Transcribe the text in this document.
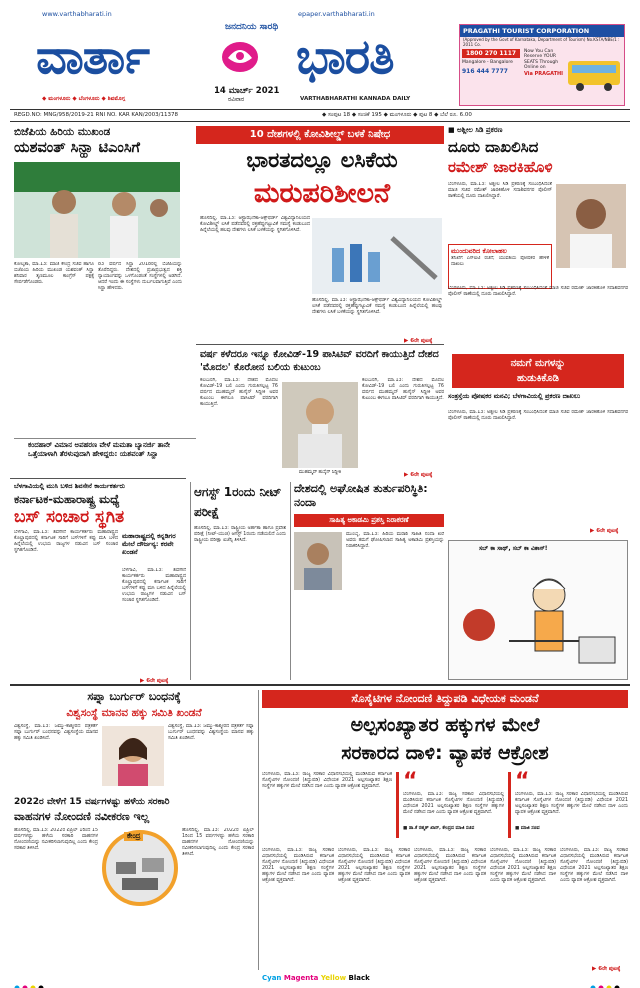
www.varthabharati.in	epaper.varthabharati.in
ಜನದನಿಯ ಸಾರಥಿ
ವಾರ್ತಾ	ಭಾರತಿ
14 ಮಾರ್ಚ್ 2021
ರವಿವಾರ
◆ ಮಂಗಳೂರು ◆ ಬೆಂಗಳೂರು ◆ ಶಿವಮೊಗ್ಗ	VARTHABHARATHI KANNADA DAILY
PRAGATHI TOURIST CORPORATION
(Approved by the Govt of Karnataka, Department of Tourism) No.KSTA/NBE/1 : 2011 Co.
1800 270 1117
Mangalore - Bangalore
916 444 7777
Now You Can Reserve YOUR SEATS Through Online on
Via PRAGATHI
REGD.NO: MNG/958/2019-21 RNI NO. KAR KAN/2003/11378	◆ ಸಂಪುಟ 18 ◆ ಸಂಚಿಕೆ 195 ◆ ಮಂಗಳೂರು ◆ ಪುಟ 8 ◆ ಬೆಲೆ ರೂ. 6.00
ಬಿಜೆಪಿಯ ಹಿರಿಯ ಮುಖಂಡ
ಯಶವಂತ್ ಸಿನ್ಹಾ ಟಿಎಂಸಿಗೆ
ಕೋಲ್ಕತಾ, ಮಾ.13: ಮಾಜಿ ಕೇಂದ್ರ ಸಚಿವ ಹಾಗೂ ಬಿಜೆಪಿಯ ಹಿರಿಯ ಮುಖಂಡ ಯಶವಂತ್ ಸಿನ್ಹಾ ಶನಿವಾರ ತೃಣಮೂಲ ಕಾಂಗ್ರೆಸ್ ಪಕ್ಷಕ್ಕೆ ಸೇರ್ಪಡೆಗೊಂಡರು.
83 ವರ್ಷದ ಸಿನ್ಹಾ 2018ರಲ್ಲಿ ಬಿಜೆಪಿಯನ್ನು ತೊರೆದಿದ್ದರು. ದೇಶದಲ್ಲಿ ಪ್ರಜಾಪ್ರಭುತ್ವದ ಶಕ್ತಿ ನ್ಯಾಯಾಂಗವನ್ನು ಒಳಗೊಂಡಂತೆ ಸಂಸ್ಥೆಗಳಲ್ಲಿ ಅಡಗಿದೆ. ಆದರೆ ಇಂದು ಈ ಸಂಸ್ಥೆಗಳು ದುರ್ಬಲವಾಗುತ್ತಿವೆ ಎಂದು ಸಿನ್ಹಾ ಹೇಳಿದರು.
ಕಂದಹಾರ್ ವಿಮಾನ ಅಪಹರಣ ವೇಳೆ ಮಮತಾ ಬ್ಯಾನರ್ಜಿ ತಾನೇ ಒತ್ತೆಯಾಳಾಗಿ ತೆರಳುವುದಾಗಿ ಹೇಳಿದ್ದರು: ಯಶವಂತ್ ಸಿನ್ಹಾ
10 ದೇಶಗಳಲ್ಲಿ ಕೋವಿಶೀಲ್ಡ್ ಬಳಕೆ ನಿಷೇಧ
ಭಾರತದಲ್ಲೂ ಲಸಿಕೆಯ
ಮರುಪರಿಶೀಲನೆ
ಹೊಸದಿಲ್ಲಿ, ಮಾ.13: ಆಸ್ಟ್ರಾಝೆನೆಕಾ-ಆಕ್ಸ್‌ಫರ್ಡ್ ವಿಶ್ವವಿದ್ಯಾನಿಲಯದ ಕೋವಿಶೀಲ್ಡ್ ಲಸಿಕೆ ಪಡೆದವರಲ್ಲಿ ರಕ್ತಹೆಪ್ಪುಗಟ್ಟುವಿಕೆ ಸಮಸ್ಯೆ ಕಂಡುಬಂದ ಹಿನ್ನೆಲೆಯಲ್ಲಿ ಹಲವು ದೇಶಗಳು ಲಸಿಕೆ ಬಳಕೆಯನ್ನು ಸ್ಥಗಿತಗೊಳಿಸಿವೆ.
ಹೊಸದಿಲ್ಲಿ, ಮಾ.13: ಆಸ್ಟ್ರಾಝೆನೆಕಾ-ಆಕ್ಸ್‌ಫರ್ಡ್ ವಿಶ್ವವಿದ್ಯಾನಿಲಯದ ಕೋವಿಶೀಲ್ಡ್ ಲಸಿಕೆ ಪಡೆದವರಲ್ಲಿ ರಕ್ತಹೆಪ್ಪುಗಟ್ಟುವಿಕೆ ಸಮಸ್ಯೆ ಕಂಡುಬಂದ ಹಿನ್ನೆಲೆಯಲ್ಲಿ ಹಲವು ದೇಶಗಳು ಲಸಿಕೆ ಬಳಕೆಯನ್ನು ಸ್ಥಗಿತಗೊಳಿಸಿವೆ.
▶ 6ರೇ ಪುಟಕ್ಕೆ
■ ಅಶ್ಲೀಲ ಸಿಡಿ ಪ್ರಕರಣ
ದೂರು ದಾಖಲಿಸಿದ
ರಮೇಶ್ ಜಾರಕಿಹೊಳಿ
ಬೆಂಗಳೂರು, ಮಾ.13: ಅಶ್ಲೀಲ ಸಿಡಿ ಪ್ರಕರಣಕ್ಕೆ ಸಂಬಂಧಿಸಿದಂತೆ ಮಾಜಿ ಸಚಿವ ರಮೇಶ್ ಜಾರಕಿಹೊಳಿ ಸದಾಶಿವನಗರ ಪೊಲೀಸ್ ಠಾಣೆಯಲ್ಲಿ ದೂರು ದಾಖಲಿಸಿದ್ದಾರೆ.
ಮುಂದುವರಿದ ಕೋಲಾಹಲ
ತನಿಖೆಗೆ ಎಸ್‌ಐಟಿ ರಚನೆ; ಯುವತಿಯ ಪೋಷಕರ ಹೇಳಿಕೆ ದಾಖಲು
ಬೆಂಗಳೂರು, ಮಾ.13: ಅಶ್ಲೀಲ ಸಿಡಿ ಪ್ರಕರಣಕ್ಕೆ ಸಂಬಂಧಿಸಿದಂತೆ ಮಾಜಿ ಸಚಿವ ರಮೇಶ್ ಜಾರಕಿಹೊಳಿ ಸದಾಶಿವನಗರ ಪೊಲೀಸ್ ಠಾಣೆಯಲ್ಲಿ ದೂರು ದಾಖಲಿಸಿದ್ದಾರೆ.
ನಮಗೆ ಮಗಳನ್ನು
ಹುಡುಕಿಕೊಡಿ
ಸಂತ್ರಸ್ತೆಯ ಪೋಷಕರ ಮನವಿ; ಬೆಳಗಾವಿಯಲ್ಲಿ ಪ್ರಕರಣ ದಾಖಲು
ಬೆಂಗಳೂರು, ಮಾ.13: ಅಶ್ಲೀಲ ಸಿಡಿ ಪ್ರಕರಣಕ್ಕೆ ಸಂಬಂಧಿಸಿದಂತೆ ಮಾಜಿ ಸಚಿವ ರಮೇಶ್ ಜಾರಕಿಹೊಳಿ ಸದಾಶಿವನಗರ ಪೊಲೀಸ್ ಠಾಣೆಯಲ್ಲಿ ದೂರು ದಾಖಲಿಸಿದ್ದಾರೆ.
▶ 6ರೇ ಪುಟಕ್ಕೆ
ವರ್ಷ ಕಳೆದರೂ ಇನ್ನೂ ಕೋವಿಡ್-19 ಪಾಸಿಟಿವ್ ವರದಿಗೆ ಕಾಯುತ್ತಿದೆ ದೇಶದ 'ಮೊದಲ' ಕೊರೋನ ಬಲಿಯ ಕುಟುಂಬ
ಕಲಬುರಗಿ, ಮಾ.13: ದೇಶದ ಮೊದಲ ಕೋವಿಡ್-19 ಬಲಿ ಎಂದು ಗುರುತಿಸಲ್ಪಟ್ಟ 76 ವರ್ಷದ ಮುಹಮ್ಮದ್ ಹುಸೈನ್ ಸಿದ್ದೀಕಿ ಅವರ ಕುಟುಂಬ ಈಗಲೂ ಪಾಸಿಟಿವ್ ವರದಿಗಾಗಿ ಕಾಯುತ್ತಿದೆ.
ಮುಹಮ್ಮದ್ ಹುಸೈನ್ ಸಿದ್ದೀಕಿ
ಕಲಬುರಗಿ, ಮಾ.13: ದೇಶದ ಮೊದಲ ಕೋವಿಡ್-19 ಬಲಿ ಎಂದು ಗುರುತಿಸಲ್ಪಟ್ಟ 76 ವರ್ಷದ ಮುಹಮ್ಮದ್ ಹುಸೈನ್ ಸಿದ್ದೀಕಿ ಅವರ ಕುಟುಂಬ ಈಗಲೂ ಪಾಸಿಟಿವ್ ವರದಿಗಾಗಿ ಕಾಯುತ್ತಿದೆ.
▶ 6ರೇ ಪುಟಕ್ಕೆ
ಬೆಳಗಾವಿಯಲ್ಲಿ ಮುಸಿ ಬಳಿದ ಶಿವಸೇನೆ ಕಾರ್ಯಕರ್ತರು
ಕರ್ನಾಟಕ-ಮಹಾರಾಷ್ಟ್ರ ಮಧ್ಯೆ
ಬಸ್ ಸಂಚಾರ ಸ್ಥಗಿತ
ಬೆಳಗಾವಿ, ಮಾ.13: ಶಿವಸೇನೆ ಕಾರ್ಯಕರ್ತರು ಮಹಾರಾಷ್ಟ್ರದ ಕೊಲ್ಹಾಪುರದಲ್ಲಿ ಕರ್ನಾಟಕ ಸಾರಿಗೆ ಬಸ್‌ಗಳಿಗೆ ಕಪ್ಪು ಮಸಿ ಬಳಿದ ಹಿನ್ನೆಲೆಯಲ್ಲಿ ಉಭಯ ರಾಜ್ಯಗಳ ನಡುವಿನ ಬಸ್ ಸಂಚಾರ ಸ್ಥಗಿತಗೊಂಡಿದೆ.
ಮಹಾರಾಷ್ಟ್ರದಲ್ಲಿ ಕನ್ನಡಿಗರ ಮೇಲೆ ದೌರ್ಜನ್ಯ: ಕರವೇ ಖಂಡನೆ
ಬೆಳಗಾವಿ, ಮಾ.13: ಶಿವಸೇನೆ ಕಾರ್ಯಕರ್ತರು ಮಹಾರಾಷ್ಟ್ರದ ಕೊಲ್ಹಾಪುರದಲ್ಲಿ ಕರ್ನಾಟಕ ಸಾರಿಗೆ ಬಸ್‌ಗಳಿಗೆ ಕಪ್ಪು ಮಸಿ ಬಳಿದ ಹಿನ್ನೆಲೆಯಲ್ಲಿ ಉಭಯ ರಾಜ್ಯಗಳ ನಡುವಿನ ಬಸ್ ಸಂಚಾರ ಸ್ಥಗಿತಗೊಂಡಿದೆ.
▶ 6ರೇ ಪುಟಕ್ಕೆ
ಆಗಸ್ಟ್ 1ರಂದು ನೀಟ್ ಪರೀಕ್ಷೆ
ಹೊಸದಿಲ್ಲಿ, ಮಾ.13: ರಾಷ್ಟ್ರೀಯ ಅರ್ಹತಾ ಹಾಗೂ ಪ್ರವೇಶ ಪರೀಕ್ಷೆ (ನೀಟ್-ಯುಜಿ) ಆಗಸ್ಟ್ 1ರಂದು ನಡೆಯಲಿದೆ ಎಂದು ರಾಷ್ಟ್ರೀಯ ಪರೀಕ್ಷಾ ಏಜೆನ್ಸಿ ತಿಳಿಸಿದೆ.
ದೇಶದಲ್ಲಿ ಅಘೋಷಿತ ತುರ್ತುಪರಿಸ್ಥಿತಿ: ನಂದಾ
ಸಾಹಿತ್ಯ ಅಕಾಡಮಿ ಪ್ರಶಸ್ತಿ ನಿರಾಕರಣೆ
ಮುಂಬೈ, ಮಾ.13: ಹಿರಿಯ ಮರಾಠಿ ಸಾಹಿತಿ ನಂದಾ ಖರೆ ಅವರು ತಮಗೆ ಘೋಷಿಸಲಾದ ಸಾಹಿತ್ಯ ಅಕಾಡಮಿ ಪ್ರಶಸ್ತಿಯನ್ನು ನಿರಾಕರಿಸಿದ್ದಾರೆ.	ಸಬ್‌ ಕಾ ಸಾಥ್, ಸಬ್‌ ಕಾ ವಿಕಾಸ್!
ಸಪ್ನಾ ಬುರ್ಗುರ್ ಬಂಧನಕ್ಕೆ
ವಿಶ್ವಸಂಸ್ಥೆ ಮಾನವ ಹಕ್ಕು ಸಮಿತಿ ಖಂಡನೆ
ವಿಶ್ವಸಂಸ್ಥೆ, ಮಾ.13: ಜಮ್ಮು-ಕಾಶ್ಮೀರದ ಪತ್ರಕರ್ತೆ ಸಪ್ನಾ ಬುರ್ಗುರ್ ಬಂಧನವನ್ನು ವಿಶ್ವಸಂಸ್ಥೆಯ ಮಾನವ ಹಕ್ಕು ಸಮಿತಿ ಖಂಡಿಸಿದೆ.
ವಿಶ್ವಸಂಸ್ಥೆ, ಮಾ.13: ಜಮ್ಮು-ಕಾಶ್ಮೀರದ ಪತ್ರಕರ್ತೆ ಸಪ್ನಾ ಬುರ್ಗುರ್ ಬಂಧನವನ್ನು ವಿಶ್ವಸಂಸ್ಥೆಯ ಮಾನವ ಹಕ್ಕು ಸಮಿತಿ ಖಂಡಿಸಿದೆ.
2022ರ ವೇಳೆಗೆ 15 ವರ್ಷಗಳಷ್ಟು ಹಳೆಯ ಸರಕಾರಿ
ವಾಹನಗಳ ನೋಂದಣಿ ನವೀಕರಣ ಇಲ್ಲ
ಹೊಸದಿಲ್ಲಿ, ಮಾ.13: 2022ರ ಏಪ್ರಿಲ್ 1ರಿಂದ 15 ವರ್ಷಗಳಷ್ಟು ಹಳೆಯ ಸರಕಾರಿ ವಾಹನಗಳ ನೋಂದಣಿಯನ್ನು ನವೀಕರಿಸಲಾಗುವುದಿಲ್ಲ ಎಂದು ಕೇಂದ್ರ ಸರಕಾರ ತಿಳಿಸಿದೆ.
ಕೇಂದ್ರ
ಹೊಸದಿಲ್ಲಿ, ಮಾ.13: 2022ರ ಏಪ್ರಿಲ್ 1ರಿಂದ 15 ವರ್ಷಗಳಷ್ಟು ಹಳೆಯ ಸರಕಾರಿ ವಾಹನಗಳ ನೋಂದಣಿಯನ್ನು ನವೀಕರಿಸಲಾಗುವುದಿಲ್ಲ ಎಂದು ಕೇಂದ್ರ ಸರಕಾರ ತಿಳಿಸಿದೆ.
ಸೊಸೈಟಿಗಳ ನೋಂದಣಿ ತಿದ್ದುಪಡಿ ವಿಧೇಯಕ ಮಂಡನೆ
ಅಲ್ಪಸಂಖ್ಯಾತರ ಹಕ್ಕುಗಳ ಮೇಲೆ
ಸರಕಾರದ ದಾಳಿ: ವ್ಯಾಪಕ ಆಕ್ರೋಶ
ಬೆಂಗಳೂರು, ಮಾ.13: ರಾಜ್ಯ ಸರಕಾರ ವಿಧಾನಸಭೆಯಲ್ಲಿ ಮಂಡಿಸಿರುವ ಕರ್ನಾಟಕ ಸೊಸೈಟಿಗಳ ನೋಂದಣಿ (ತಿದ್ದುಪಡಿ) ವಿಧೇಯಕ 2021 ಅಲ್ಪಸಂಖ್ಯಾತರ ಶಿಕ್ಷಣ ಸಂಸ್ಥೆಗಳ ಹಕ್ಕುಗಳ ಮೇಲೆ ನಡೆಸಿದ ದಾಳಿ ಎಂದು ವ್ಯಾಪಕ ಆಕ್ರೋಶ ವ್ಯಕ್ತವಾಗಿದೆ.	“
ಬೆಂಗಳೂರು, ಮಾ.13: ರಾಜ್ಯ ಸರಕಾರ ವಿಧಾನಸಭೆಯಲ್ಲಿ ಮಂಡಿಸಿರುವ ಕರ್ನಾಟಕ ಸೊಸೈಟಿಗಳ ನೋಂದಣಿ (ತಿದ್ದುಪಡಿ) ವಿಧೇಯಕ 2021 ಅಲ್ಪಸಂಖ್ಯಾತರ ಶಿಕ್ಷಣ ಸಂಸ್ಥೆಗಳ ಹಕ್ಕುಗಳ ಮೇಲೆ ನಡೆಸಿದ ದಾಳಿ ಎಂದು ವ್ಯಾಪಕ ಆಕ್ರೋಶ ವ್ಯಕ್ತವಾಗಿದೆ.
■ ಡಾ.ಕೆ ರಹ್ಮತ್ ಖಾನ್, ಕೇಂದ್ರದ ಮಾಜಿ ಸಚಿವ
“
ಬೆಂಗಳೂರು, ಮಾ.13: ರಾಜ್ಯ ಸರಕಾರ ವಿಧಾನಸಭೆಯಲ್ಲಿ ಮಂಡಿಸಿರುವ ಕರ್ನಾಟಕ ಸೊಸೈಟಿಗಳ ನೋಂದಣಿ (ತಿದ್ದುಪಡಿ) ವಿಧೇಯಕ 2021 ಅಲ್ಪಸಂಖ್ಯಾತರ ಶಿಕ್ಷಣ ಸಂಸ್ಥೆಗಳ ಹಕ್ಕುಗಳ ಮೇಲೆ ನಡೆಸಿದ ದಾಳಿ ಎಂದು ವ್ಯಾಪಕ ಆಕ್ರೋಶ ವ್ಯಕ್ತವಾಗಿದೆ.
■ ಮಾಜಿ ಸಚಿವ
ಬೆಂಗಳೂರು, ಮಾ.13: ರಾಜ್ಯ ಸರಕಾರ ವಿಧಾನಸಭೆಯಲ್ಲಿ ಮಂಡಿಸಿರುವ ಕರ್ನಾಟಕ ಸೊಸೈಟಿಗಳ ನೋಂದಣಿ (ತಿದ್ದುಪಡಿ) ವಿಧೇಯಕ 2021 ಅಲ್ಪಸಂಖ್ಯಾತರ ಶಿಕ್ಷಣ ಸಂಸ್ಥೆಗಳ ಹಕ್ಕುಗಳ ಮೇಲೆ ನಡೆಸಿದ ದಾಳಿ ಎಂದು ವ್ಯಾಪಕ ಆಕ್ರೋಶ ವ್ಯಕ್ತವಾಗಿದೆ.
ಬೆಂಗಳೂರು, ಮಾ.13: ರಾಜ್ಯ ಸರಕಾರ ವಿಧಾನಸಭೆಯಲ್ಲಿ ಮಂಡಿಸಿರುವ ಕರ್ನಾಟಕ ಸೊಸೈಟಿಗಳ ನೋಂದಣಿ (ತಿದ್ದುಪಡಿ) ವಿಧೇಯಕ 2021 ಅಲ್ಪಸಂಖ್ಯಾತರ ಶಿಕ್ಷಣ ಸಂಸ್ಥೆಗಳ ಹಕ್ಕುಗಳ ಮೇಲೆ ನಡೆಸಿದ ದಾಳಿ ಎಂದು ವ್ಯಾಪಕ ಆಕ್ರೋಶ ವ್ಯಕ್ತವಾಗಿದೆ.
ಬೆಂಗಳೂರು, ಮಾ.13: ರಾಜ್ಯ ಸರಕಾರ ವಿಧಾನಸಭೆಯಲ್ಲಿ ಮಂಡಿಸಿರುವ ಕರ್ನಾಟಕ ಸೊಸೈಟಿಗಳ ನೋಂದಣಿ (ತಿದ್ದುಪಡಿ) ವಿಧೇಯಕ 2021 ಅಲ್ಪಸಂಖ್ಯಾತರ ಶಿಕ್ಷಣ ಸಂಸ್ಥೆಗಳ ಹಕ್ಕುಗಳ ಮೇಲೆ ನಡೆಸಿದ ದಾಳಿ ಎಂದು ವ್ಯಾಪಕ ಆಕ್ರೋಶ ವ್ಯಕ್ತವಾಗಿದೆ.
ಬೆಂಗಳೂರು, ಮಾ.13: ರಾಜ್ಯ ಸರಕಾರ ವಿಧಾನಸಭೆಯಲ್ಲಿ ಮಂಡಿಸಿರುವ ಕರ್ನಾಟಕ ಸೊಸೈಟಿಗಳ ನೋಂದಣಿ (ತಿದ್ದುಪಡಿ) ವಿಧೇಯಕ 2021 ಅಲ್ಪಸಂಖ್ಯಾತರ ಶಿಕ್ಷಣ ಸಂಸ್ಥೆಗಳ ಹಕ್ಕುಗಳ ಮೇಲೆ ನಡೆಸಿದ ದಾಳಿ ಎಂದು ವ್ಯಾಪಕ ಆಕ್ರೋಶ ವ್ಯಕ್ತವಾಗಿದೆ.
ಬೆಂಗಳೂರು, ಮಾ.13: ರಾಜ್ಯ ಸರಕಾರ ವಿಧಾನಸಭೆಯಲ್ಲಿ ಮಂಡಿಸಿರುವ ಕರ್ನಾಟಕ ಸೊಸೈಟಿಗಳ ನೋಂದಣಿ (ತಿದ್ದುಪಡಿ) ವಿಧೇಯಕ 2021 ಅಲ್ಪಸಂಖ್ಯಾತರ ಶಿಕ್ಷಣ ಸಂಸ್ಥೆಗಳ ಹಕ್ಕುಗಳ ಮೇಲೆ ನಡೆಸಿದ ದಾಳಿ ಎಂದು ವ್ಯಾಪಕ ಆಕ್ರೋಶ ವ್ಯಕ್ತವಾಗಿದೆ.
▶ 6ರೇ ಪುಟಕ್ಕೆ
Cyan Magenta Yellow Black
